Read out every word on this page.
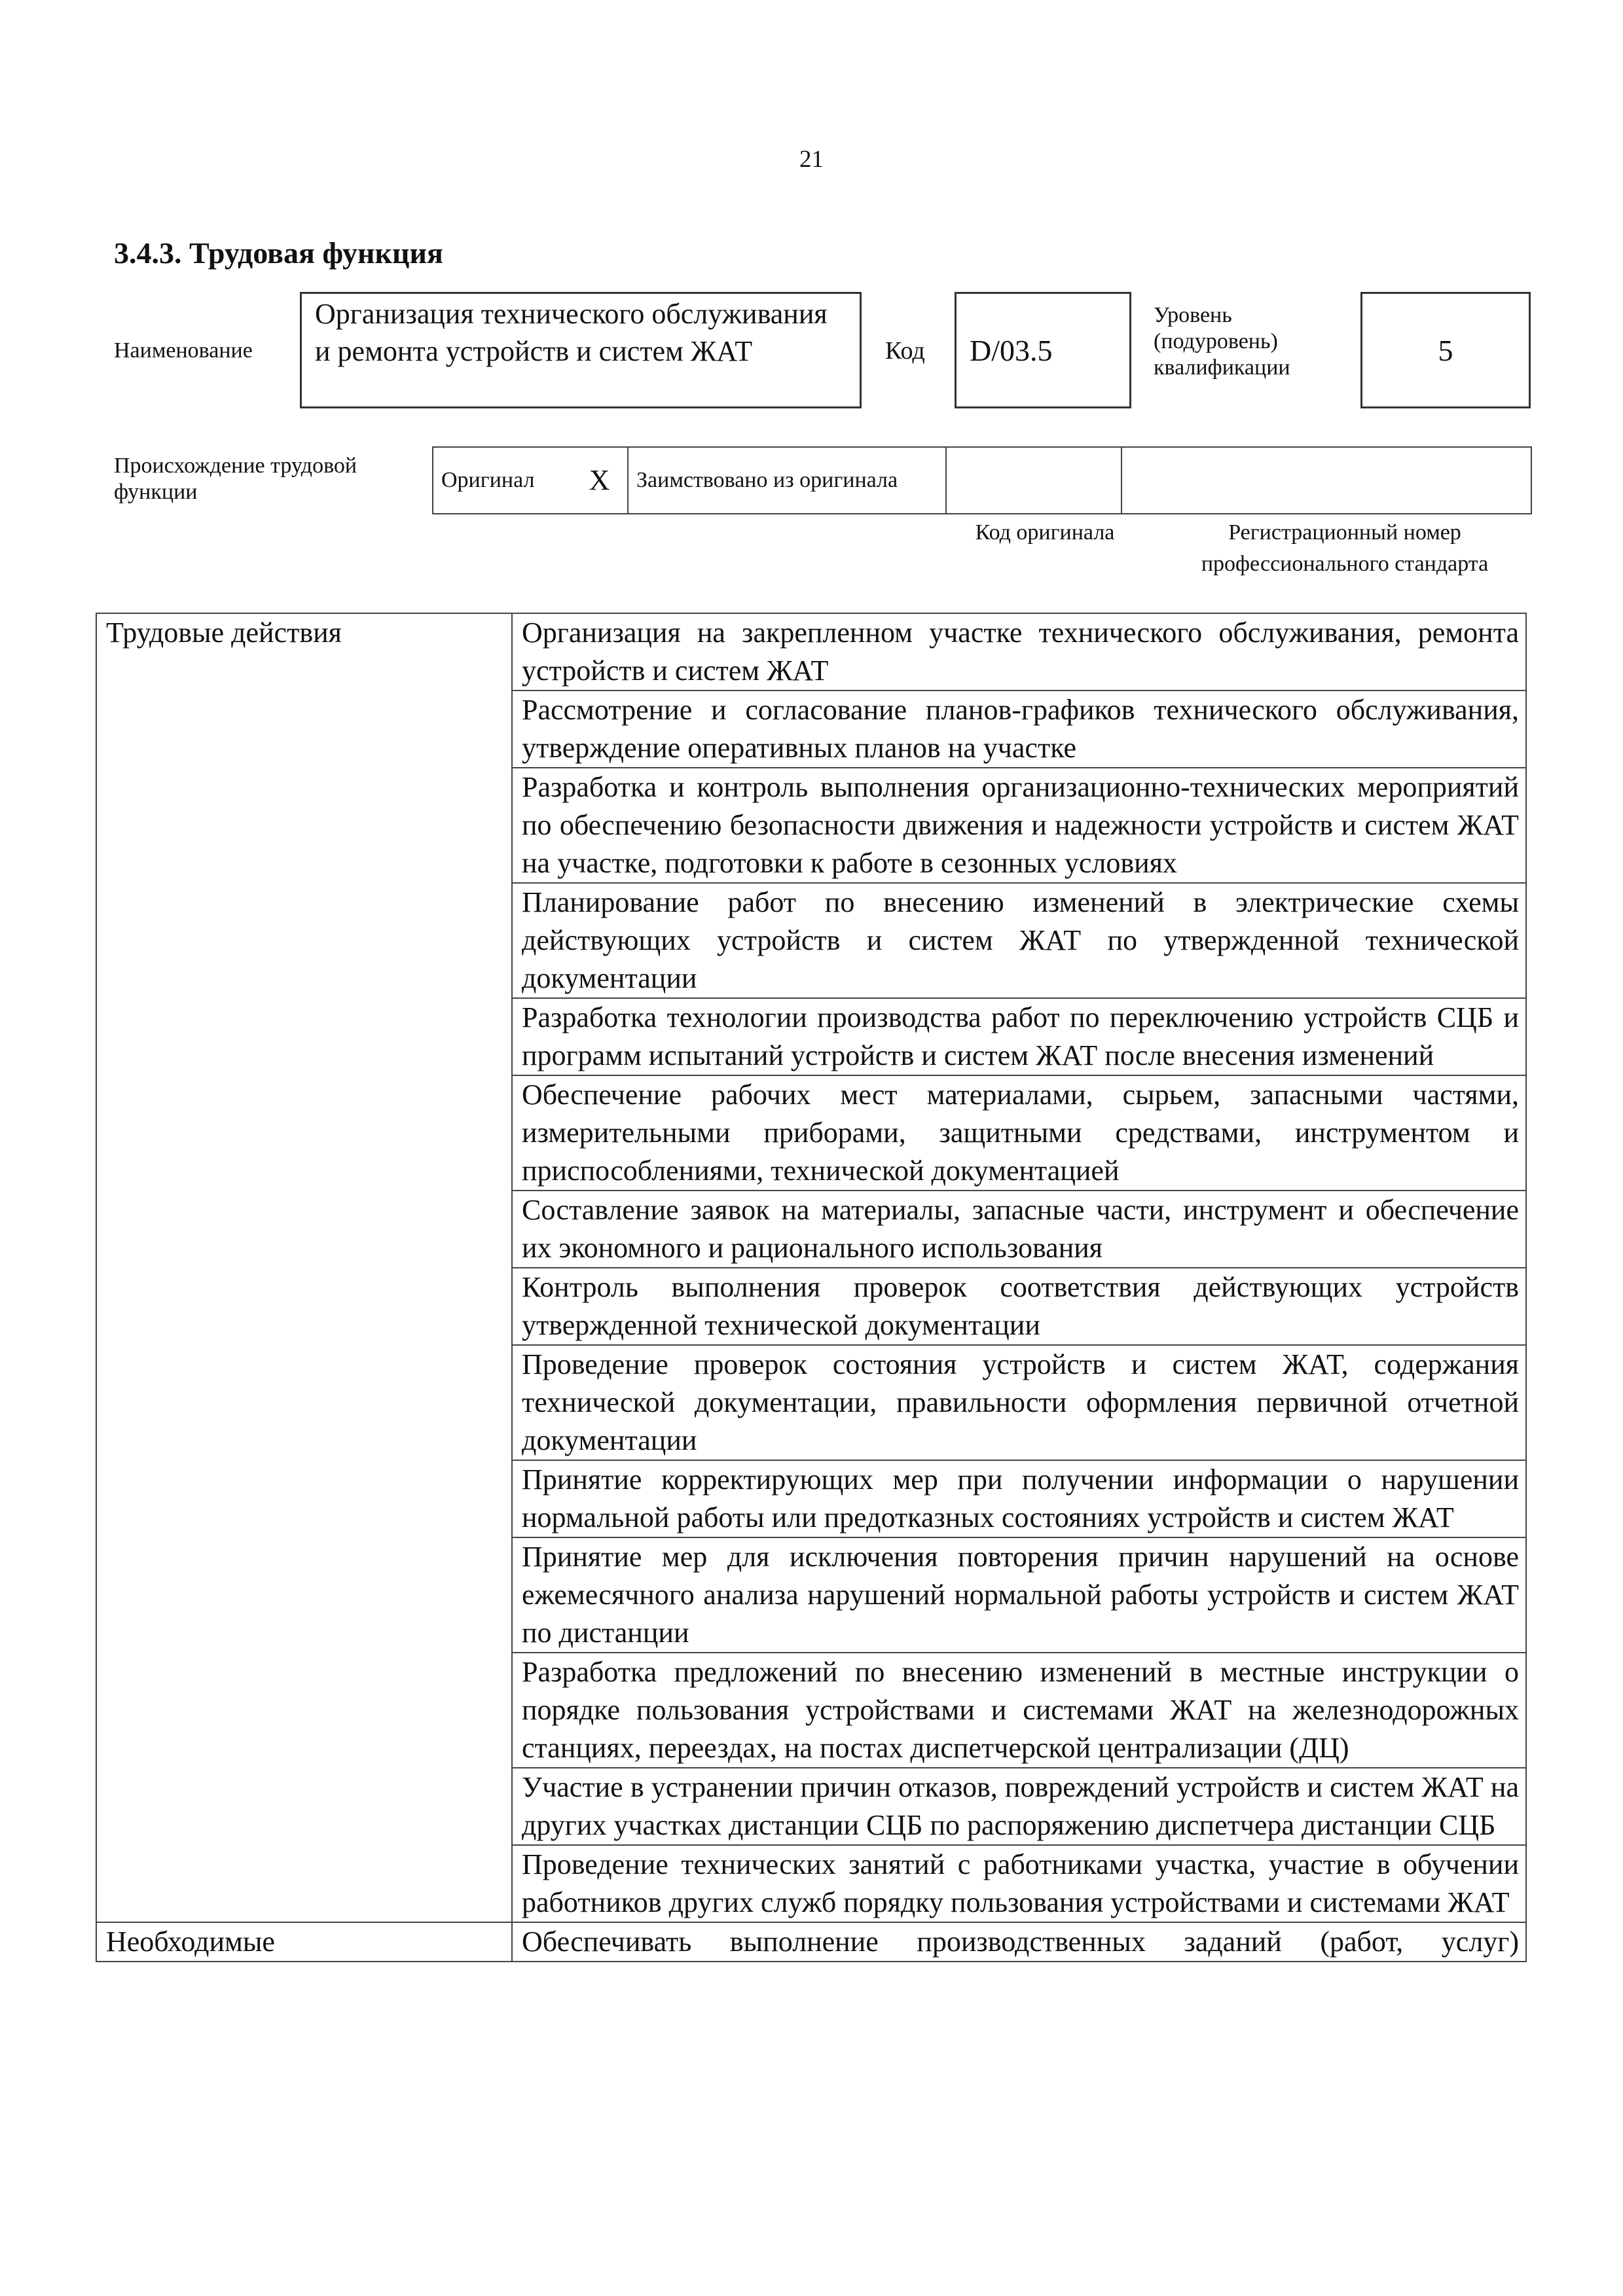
21
3.4.3. Трудовая функция
Наименование
Организация технического обслуживания и ремонта устройств и систем ЖАТ	Код	D/03.5
Уровень (подуровень) квалификации
5
Происхождение трудовой функции	Оригинал	X	Заимствовано из оригинала		
Код оригинала	Регистрационный номер профессионального стандарта
Трудовые действия	Организация на закрепленном участке технического обслуживания, ремонта устройств и систем ЖАТ
	Рассмотрение и согласование планов-графиков технического обслуживания, утверждение оперативных планов на участке
	Разработка и контроль выполнения организационно-технических мероприятий по обеспечению безопасности движения и надежности устройств и систем ЖАТ на участке, подготовки к работе в сезонных условиях
	Планирование работ по внесению изменений в электрические схемы действующих устройств и систем ЖАТ по утвержденной технической документации
	Разработка технологии производства работ по переключению устройств СЦБ и программ испытаний устройств и систем ЖАТ после внесения изменений
	Обеспечение рабочих мест материалами, сырьем, запасными частями, измерительными приборами, защитными средствами, инструментом и приспособлениями, технической документацией
	Составление заявок на материалы, запасные части, инструмент и обеспечение их экономного и рационального использования
	Контроль выполнения проверок соответствия действующих устройств утвержденной технической документации
	Проведение проверок состояния устройств и систем ЖАТ, содержания технической документации, правильности оформления первичной отчетной документации
	Принятие корректирующих мер при получении информации о нарушении нормальной работы или предотказных состояниях устройств и систем ЖАТ
	Принятие мер для исключения повторения причин нарушений на основе ежемесячного анализа нарушений нормальной работы устройств и систем ЖАТ по дистанции
	Разработка предложений по внесению изменений в местные инструкции о порядке пользования устройствами и системами ЖАТ на железнодорожных станциях, переездах, на постах диспетчерской централизации (ДЦ)
	Участие в устранении причин отказов, повреждений устройств и систем ЖАТ на других участках дистанции СЦБ по распоряжению диспетчера дистанции СЦБ
	Проведение технических занятий с работниками участка, участие в обучении работников других служб порядку пользования устройствами и системами ЖАТ
Необходимые	Обеспечивать выполнение производственных заданий (работ, услуг)
